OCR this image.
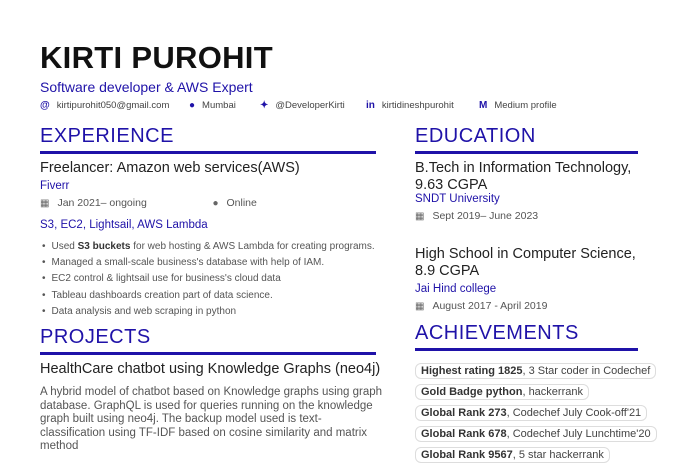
KIRTI PUROHIT
Software developer & AWS Expert
@ kirtipurohit050@gmail.com ● Mumbai ✦ @DeveloperKirti in kirtidineshpurohit	M Medium profile
EXPERIENCE
Freelancer: Amazon web services(AWS)
Fiverr
▦ Jan 2021– ongoing	● Online
S3, EC2, Lightsail, AWS Lambda
• Used S3 buckets for web hosting & AWS Lambda for creating programs.
• Managed a small-scale business's database with help of IAM.
• EC2 control & lightsail use for business's cloud data
• Tableau dashboards creation part of data science.
• Data analysis and web scraping in python
PROJECTS
HealthCare chatbot using Knowledge Graphs (neo4j)
A hybrid model of chatbot based on Knowledge graphs using graph database. GraphQL is used for queries running on the knowledge graph built using neo4j. The backup model used is text-classification using TF-IDF based on cosine similarity and matrix method
EDUCATION
B.Tech in Information Technology, 9.63 CGPA
SNDT University
▦ Sept 2019– June 2023
High School in Computer Science, 8.9 CGPA
Jai Hind college
▦ August 2017 - April 2019
ACHIEVEMENTS
Highest rating 1825, 3 Star coder in Codechef
Gold Badge python, hackerrank
Global Rank 273, Codechef July Cook-off'21
Global Rank 678, Codechef July Lunchtime'20
Global Rank 9567, 5 star hackerrank
